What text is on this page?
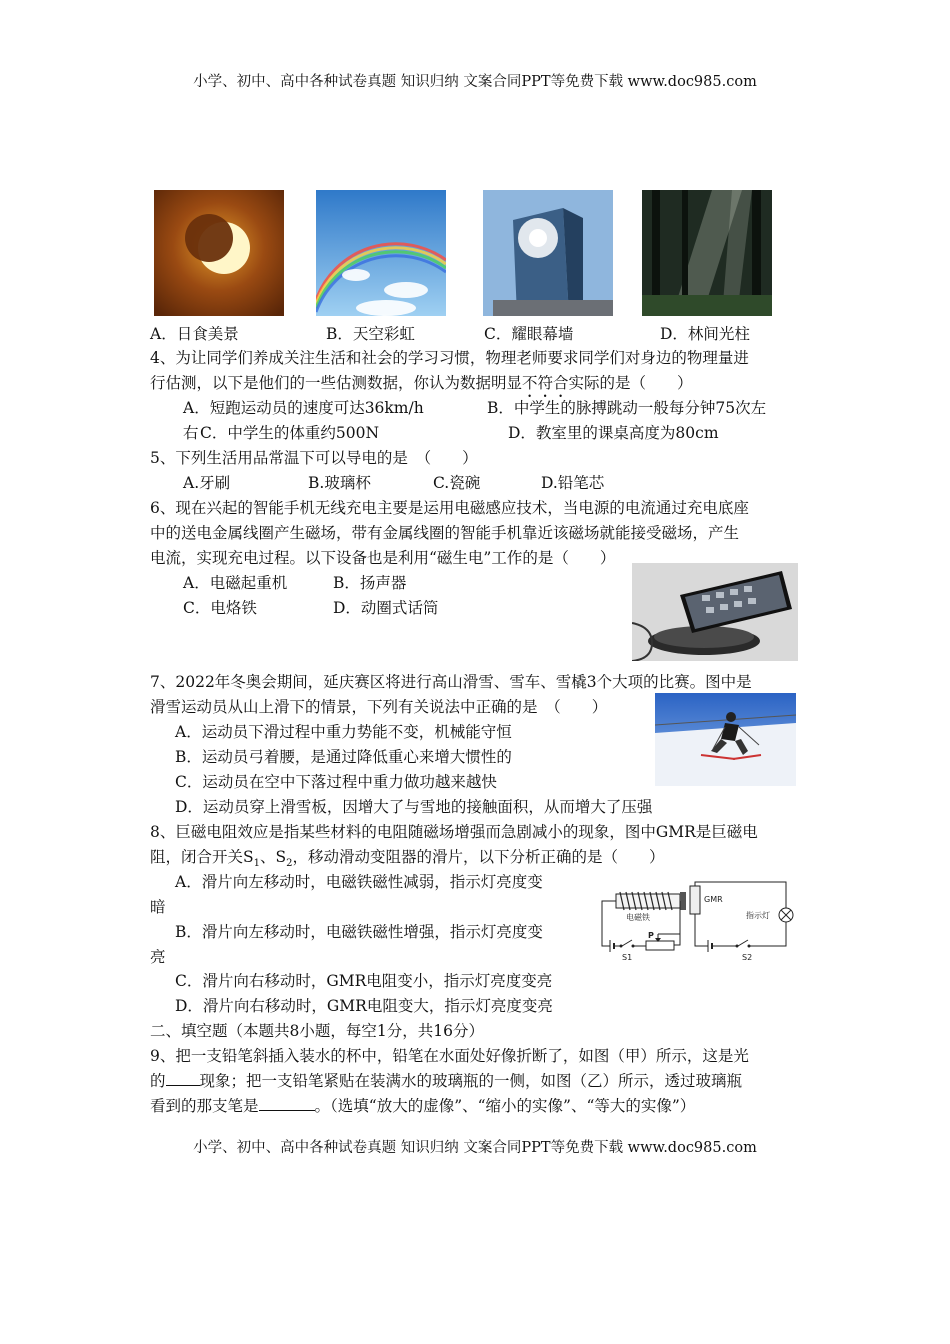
小学、初中、高中各种试卷真题 知识归纳 文案合同PPT等免费下载 www.doc985.com
A．日食美景	B．天空彩虹	C．耀眼幕墙	D．林间光柱
4、为让同学们养成关注生活和社会的学习习惯，物理老师要求同学们对身边的物理量进
行估测，以下是他们的一些估测数据，你认为数据明显不符合实际的是（　　）
A．短跑运动员的速度可达36km/h	B．中学生的脉搏跳动一般每分钟75次左
右 C．中学生的体重约500N	D．教室里的课桌高度为80cm
5、下列生活用品常温下可以导电的是　（　　）
A.牙刷	B.玻璃杯	C.瓷碗	D.铅笔芯
6、现在兴起的智能手机无线充电主要是运用电磁感应技术，当电源的电流通过充电底座
中的送电金属线圈产生磁场，带有金属线圈的智能手机靠近该磁场就能接受磁场，产生
电流，实现充电过程。以下设备也是利用“磁生电”工作的是（　　）
A．电磁起重机	B．扬声器
C．电烙铁	D．动圈式话筒
7、2022年冬奥会期间，延庆赛区将进行高山滑雪、雪车、雪橇3个大项的比赛。图中是
滑雪运动员从山上滑下的情景，下列有关说法中正确的是　（　　）
A．运动员下滑过程中重力势能不变，机械能守恒
B．运动员弓着腰，是通过降低重心来增大惯性的
C．运动员在空中下落过程中重力做功越来越快
D．运动员穿上滑雪板，因增大了与雪地的接触面积，从而增大了压强
8、巨磁电阻效应是指某些材料的电阻随磁场增强而急剧减小的现象，图中GMR是巨磁电
阻，闭合开关$S_1$、$S_2$，移动滑动变阻器的滑片，以下分析正确的是（　　）
A．滑片向左移动时，电磁铁磁性减弱，指示灯亮度变
暗
B．滑片向左移动时，电磁铁磁性增强，指示灯亮度变
亮
C．滑片向右移动时，GMR电阻变小，指示灯亮度变亮
D．滑片向右移动时，GMR电阻变大，指示灯亮度变亮
电磁铁
S1
P
GMR
S2
指示灯
二、填空题（本题共8小题，每空1分，共16分）
9、把一支铅笔斜插入装水的杯中，铅笔在水面处好像折断了，如图（甲）所示，这是光
的 现象；把一支铅笔紧贴在装满水的玻璃瓶的一侧，如图（乙）所示，透过玻璃瓶
看到的那支笔是	。（选填“放大的虚像”、“缩小的实像”、“等大的实像”）
小学、初中、高中各种试卷真题 知识归纳 文案合同PPT等免费下载 www.doc985.com
